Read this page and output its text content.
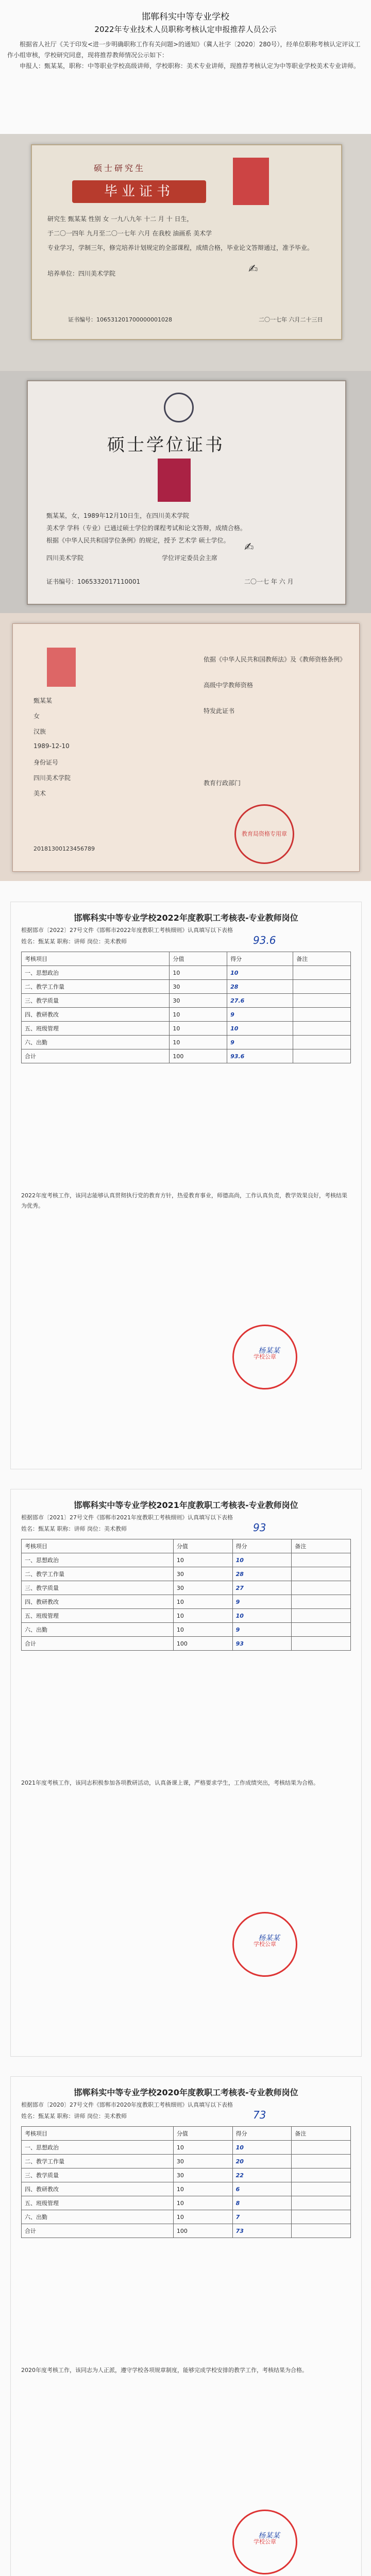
邯郸科实中等专业学校
2022年专业技术人员职称考核认定申报推荐人员公示

根据省人社厅《关于印发<进一步明确职称工作有关问题>的通知》（冀人社字〔2020〕280号），经单位职称考核认定评议工作小组审核，学校研究同意，现将推荐教师情况公示如下：

申报人：甄某某，职称：中等职业学校高级讲师，学校职称：美术专业讲师，现推荐考核认定为中等职业学校美术专业讲师。

硕士研究生
毕业证书
研究生 甄某某 性别 女 一九八九年 十二 月 十 日生，
于二〇一四年 九月至二〇一七年 六月 在我校 油画系 美术学
专业学习，学制三年，修完培养计划规定的全部课程，成绩合格，毕业论文答辩通过，准予毕业。
培养单位：四川美术学院	✍
证书编号：106531201700000001028	二〇一七年 六月二十三日
硕士学位证书
甄某某，女，1989年12月10日生，在四川美术学院
美术学 学科（专业）已通过硕士学位的课程考试和论文答辩，成绩合格。
根据《中华人民共和国学位条例》的规定，授予 艺术学 硕士学位。
四川美术学院	学位评定委员会主席
✍
证书编号：1065332017110001	二〇一七 年 六 月
甄某某
女
汉族
1989-12-10
身份证号
四川美术学院
美术
依据《中华人民共和国教师法》及《教师资格条例》
高级中学教师资格
特发此证书
教育行政部门
教育局资格专用章
20181300123456789
邯郸科实中等专业学校2022年度教职工考核表-专业教师岗位
根据邯市〔2022〕27号文件《邯郸市2022年度教职工考核细则》认真填写以下表格
姓名：甄某某 职称：讲师 岗位：美术教师	93.6
考核项目	分值	得分	备注
一、思想政治	10	10	
二、教学工作量	30	28	
三、教学质量	30	27.6	
四、教研教改	10	9	
五、班级管理	10	10	
六、出勤	10	9	
合计	100	93.6	
2022年度考核工作，该同志能够认真贯彻执行党的教育方针，热爱教育事业，师德高尚，工作认真负责，教学效果良好，考核结果为优秀。
学校公章
杨某某
邯郸科实中等专业学校2021年度教职工考核表-专业教师岗位
根据邯市〔2021〕27号文件《邯郸市2021年度教职工考核细则》认真填写以下表格
姓名：甄某某 职称：讲师 岗位：美术教师	93
考核项目	分值	得分	备注
一、思想政治	10	10	
二、教学工作量	30	28	
三、教学质量	30	27	
四、教研教改	10	9	
五、班级管理	10	10	
六、出勤	10	9	
合计	100	93	
2021年度考核工作，该同志积极参加各项教研活动，认真备课上课，严格要求学生，工作成绩突出，考核结果为合格。
学校公章
杨某某
邯郸科实中等专业学校2020年度教职工考核表-专业教师岗位
根据邯市〔2020〕27号文件《邯郸市2020年度教职工考核细则》认真填写以下表格
姓名：甄某某 职称：讲师 岗位：美术教师	73
考核项目	分值	得分	备注
一、思想政治	10	10	
二、教学工作量	30	20	
三、教学质量	30	22	
四、教研教改	10	6	
五、班级管理	10	8	
六、出勤	10	7	
合计	100	73	
2020年度考核工作，该同志为人正派，遵守学校各项规章制度，能够完成学校安排的教学工作，考核结果为合格。
学校公章
杨某某
